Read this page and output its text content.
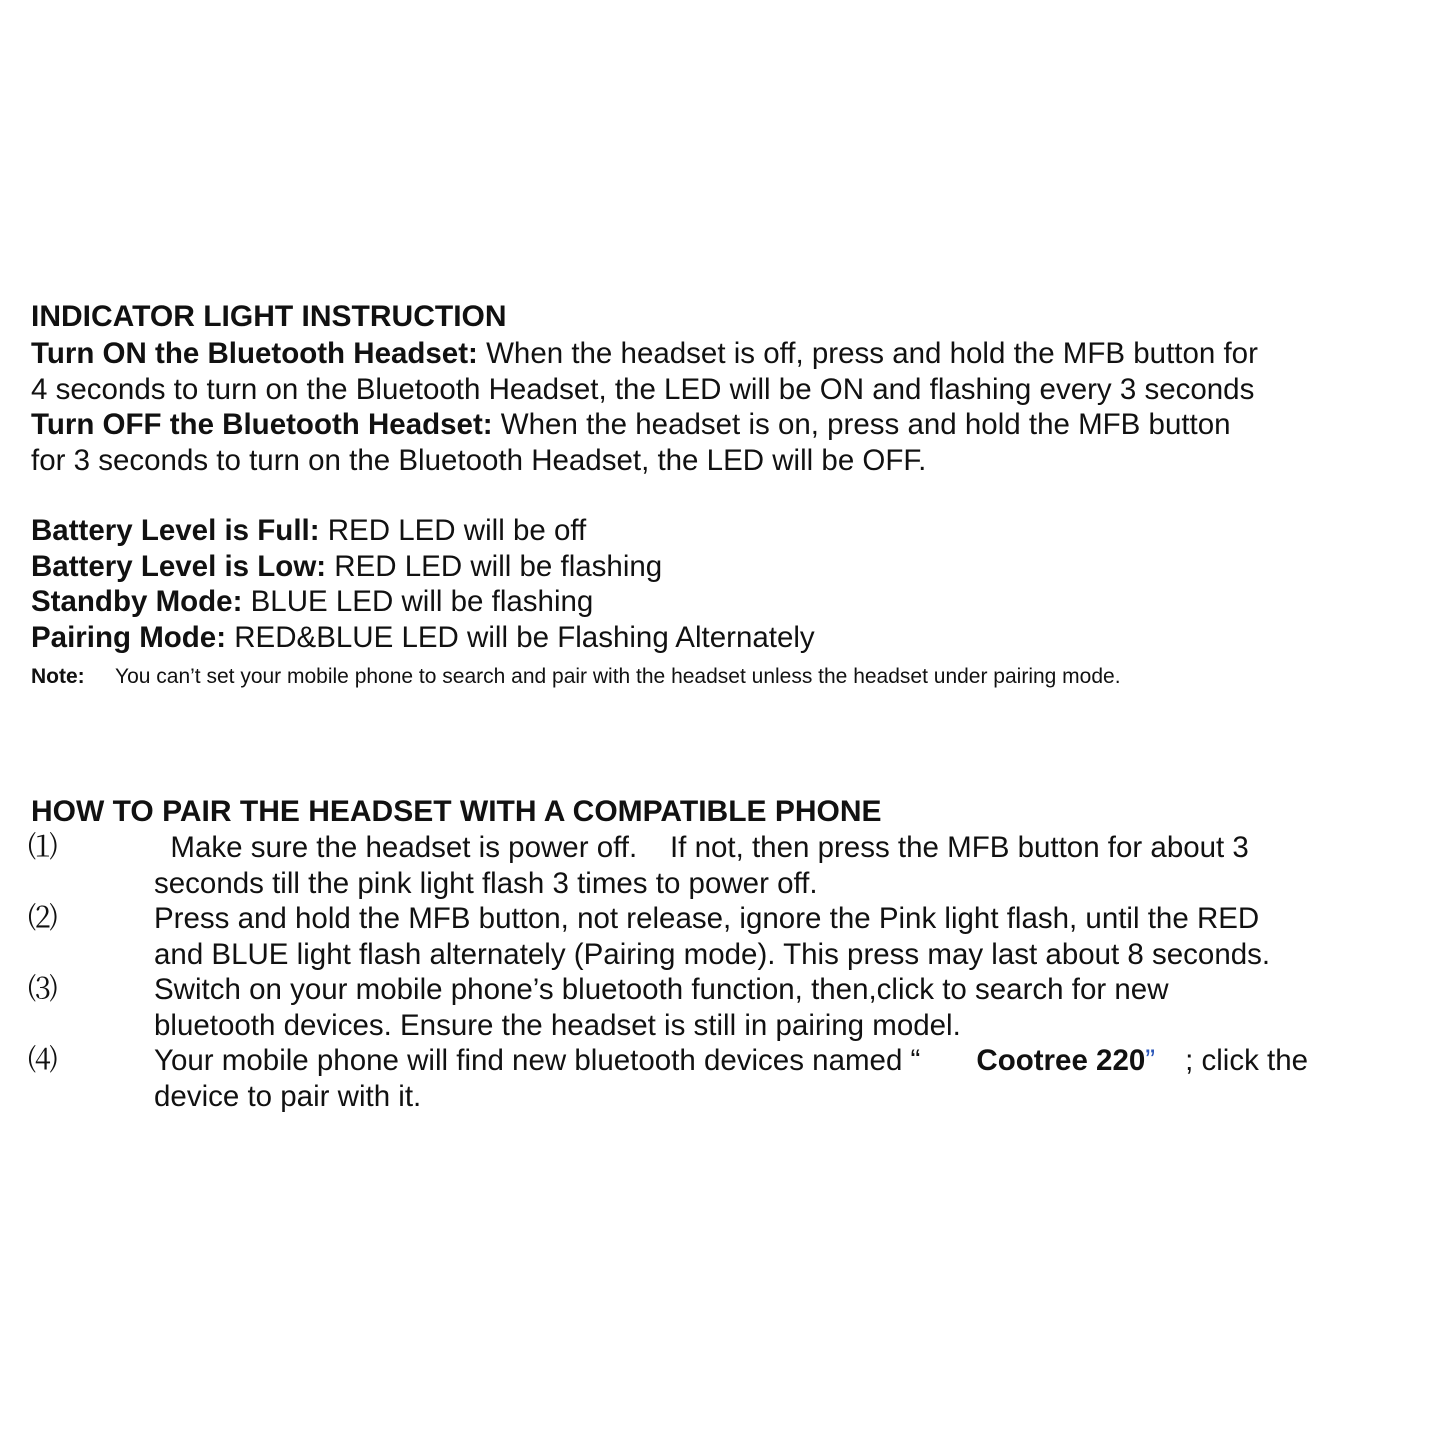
INDICATOR LIGHT INSTRUCTION
Turn ON the Bluetooth Headset: When the headset is off, press and hold the MFB button for
4 seconds to turn on the Bluetooth Headset, the LED will be ON and flashing every 3 seconds
Turn OFF the Bluetooth Headset: When the headset is on, press and hold the MFB button
for 3 seconds to turn on the Bluetooth Headset, the LED will be OFF.
Battery Level is Full: RED LED will be off
Battery Level is Low: RED LED will be flashing
Standby Mode: BLUE LED will be flashing
Pairing Mode: RED&BLUE LED will be Flashing Alternately
Note: You can’t set your mobile phone to search and pair with the headset unless the headset under pairing mode.
HOW TO PAIR THE HEADSET WITH A COMPATIBLE PHONE
⑴	Make sure the headset is power off.    If not, then press the MFB button for about 3
seconds till the pink light flash 3 times to power off.
⑵	Press and hold the MFB button, not release, ignore the Pink light flash, until the RED
and BLUE light flash alternately (Pairing mode). This press may last about 8 seconds.
⑶	Switch on your mobile phone’s bluetooth function, then,click to search for new
bluetooth devices. Ensure the headset is still in pairing model.
⑷	Your mobile phone will find new bluetooth devices named “ Cootree 220” ; click the
device to pair with it.
